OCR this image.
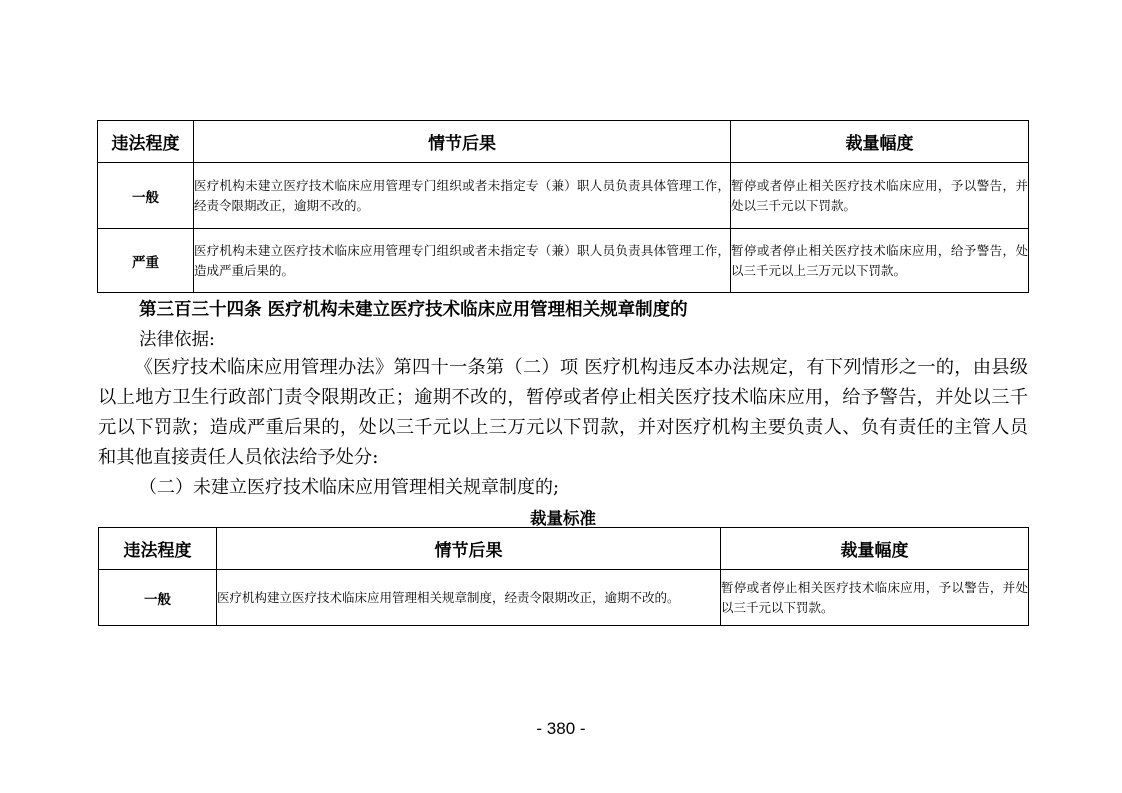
违法程度	情节后果	裁量幅度
一般	医疗机构未建立医疗技术临床应用管理专门组织或者未指定专（兼）职人员负责具体管理工作，经责令限期改正，逾期不改的。	暂停或者停止相关医疗技术临床应用，予以警告，并处以三千元以下罚款。
严重	医疗机构未建立医疗技术临床应用管理专门组织或者未指定专（兼）职人员负责具体管理工作，造成严重后果的。	暂停或者停止相关医疗技术临床应用，给予警告，处以三千元以上三万元以下罚款。
第三百三十四条 医疗机构未建立医疗技术临床应用管理相关规章制度的
法律依据:

《医疗技术临床应用管理办法》第四十一条第（二）项 医疗机构违反本办法规定，有下列情形之一的，由县级以上地方卫生行政部门责令限期改正；逾期不改的，暂停或者停止相关医疗技术临床应用，给予警告，并处以三千元以下罚款；造成严重后果的，处以三千元以上三万元以下罚款，并对医疗机构主要负责人、负有责任的主管人员和其他直接责任人员依法给予处分:

（二）未建立医疗技术临床应用管理相关规章制度的;
裁量标准
违法程度	情节后果	裁量幅度
一般	医疗机构建立医疗技术临床应用管理相关规章制度，经责令限期改正，逾期不改的。	暂停或者停止相关医疗技术临床应用，予以警告，并处以三千元以下罚款。
- 380 -
